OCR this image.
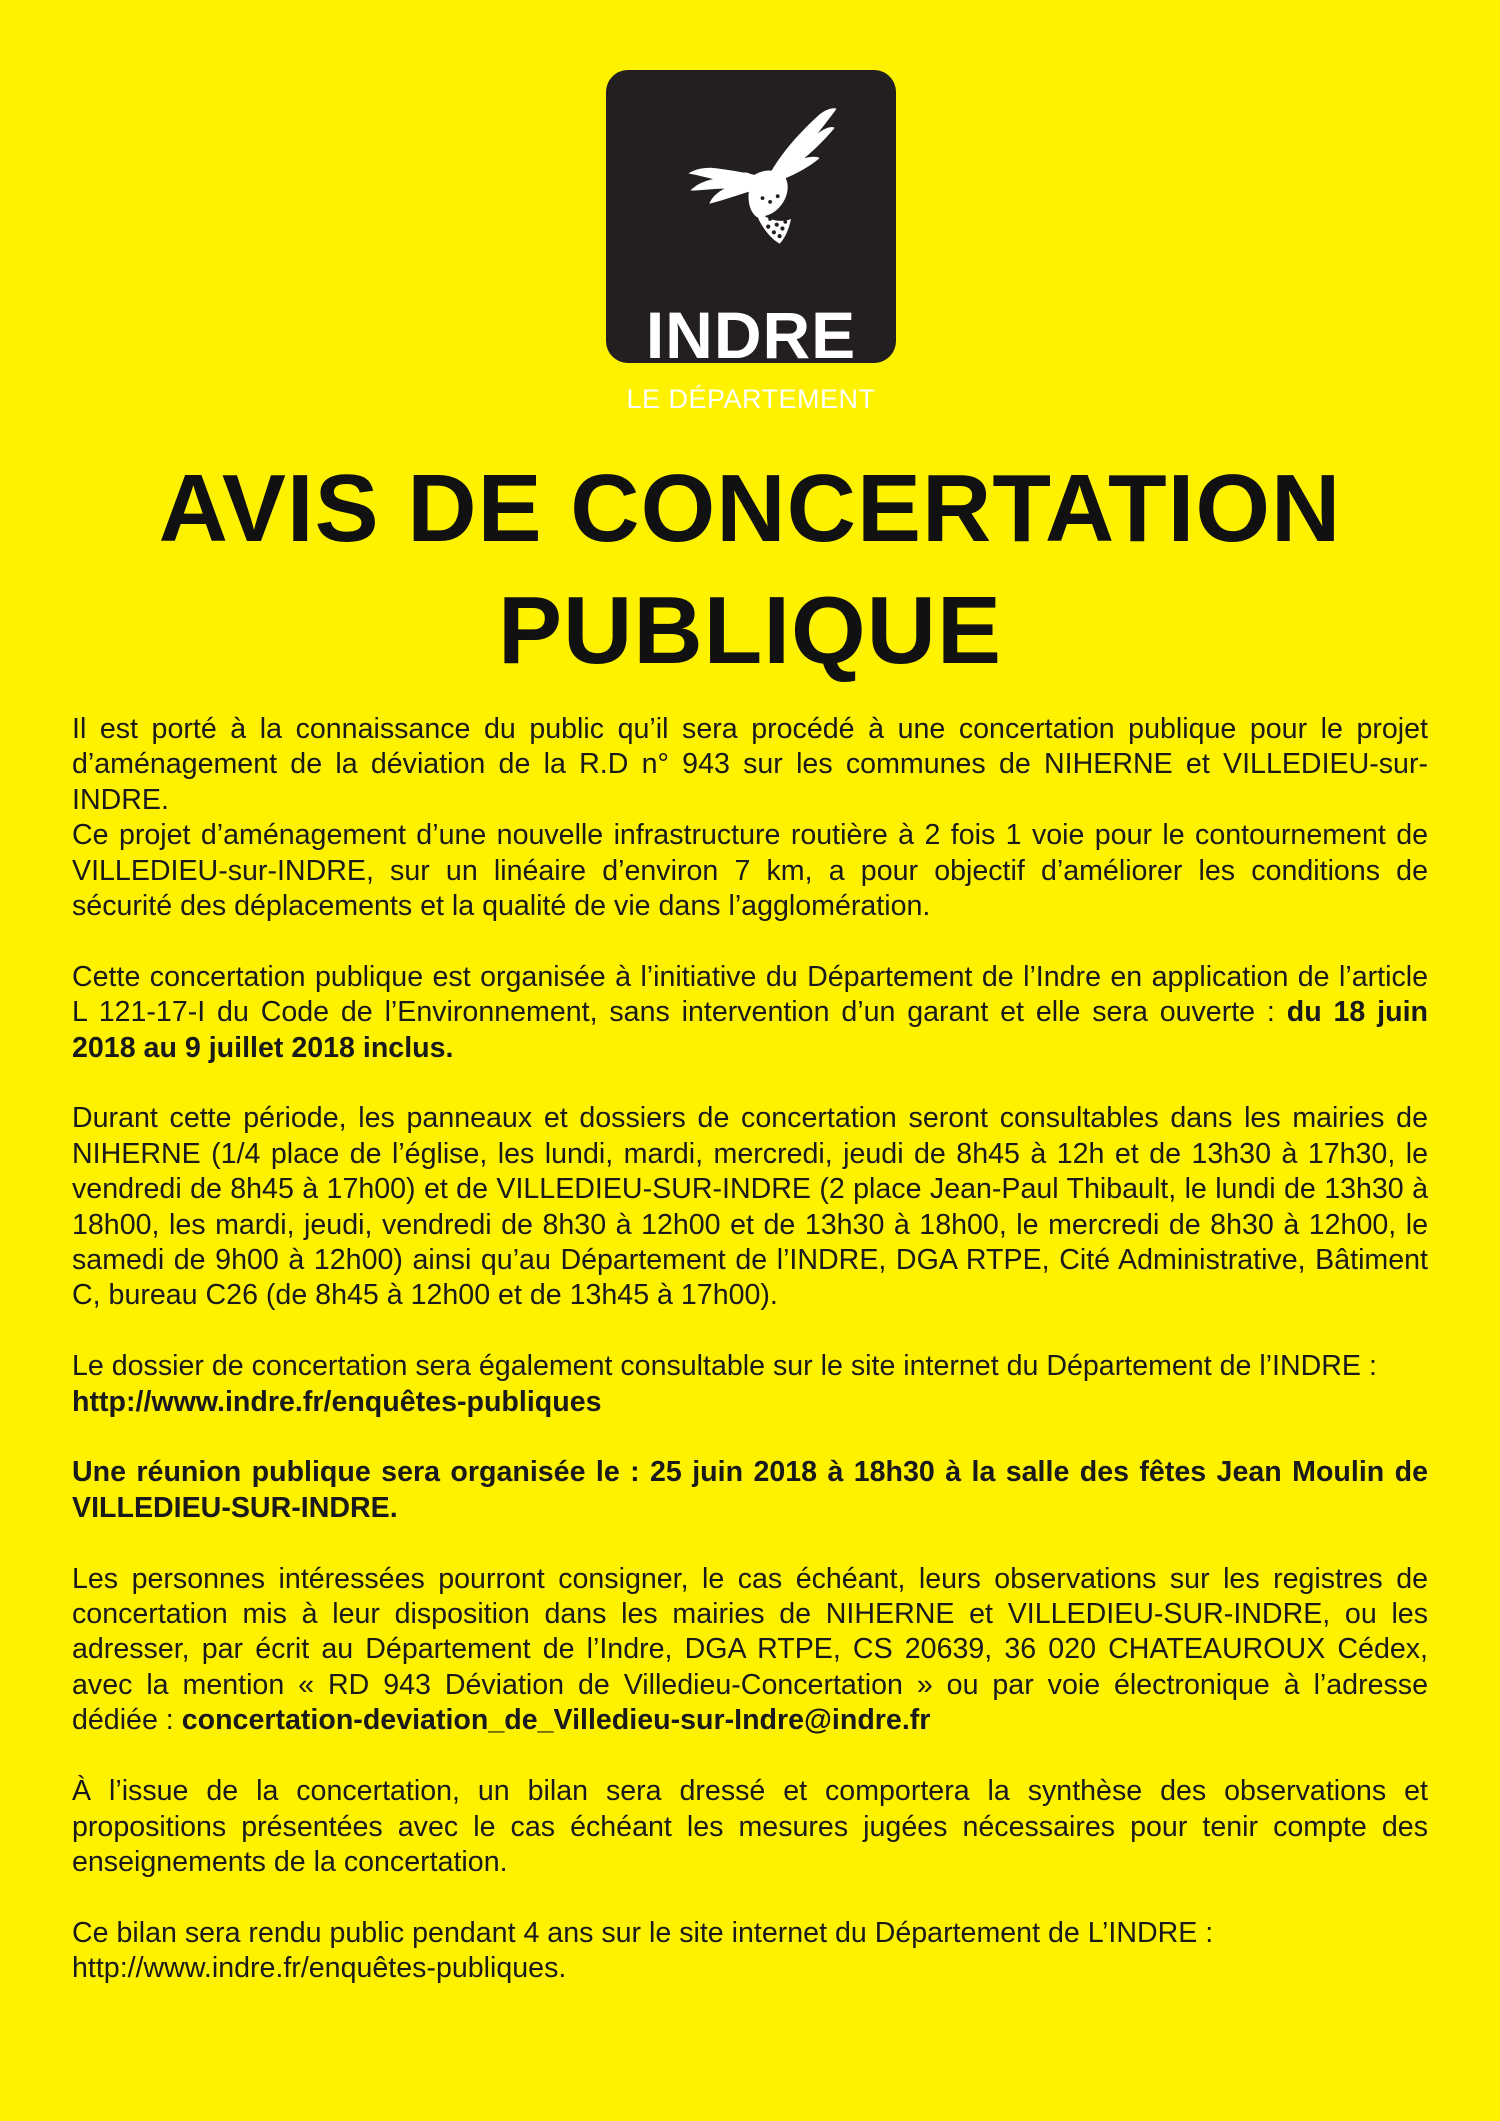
INDRE
LE DÉPARTEMENT
AVIS DE CONCERTATION
PUBLIQUE

Il est porté à la connaissance du public qu’il sera procédé à une concertation publique pour le projet d’aménagement de la déviation de la R.D n° 943 sur les communes de NIHERNE et VILLEDIEU-sur-INDRE.

Ce projet d’aménagement d’une nouvelle infrastructure routière à 2 fois 1 voie pour le contournement de VILLEDIEU-sur-INDRE, sur un linéaire d’environ 7 km, a pour objectif d’améliorer les conditions de sécurité des déplacements et la qualité de vie dans l’agglomération.

Cette concertation publique est organisée à l’initiative du Département de l’Indre en application de l’article L 121-17-I du Code de l’Environnement, sans intervention d’un garant et elle sera ouverte : du 18 juin 2018 au 9 juillet 2018 inclus.

Durant cette période, les panneaux et dossiers de concertation seront consultables dans les mairies de NIHERNE (1/4 place de l’église, les lundi, mardi, mercredi, jeudi de 8h45 à 12h et de 13h30 à 17h30, le vendredi de 8h45 à 17h00) et de VILLEDIEU-SUR-INDRE (2 place Jean-Paul Thibault, le lundi de 13h30 à 18h00, les mardi, jeudi, vendredi de 8h30 à 12h00 et de 13h30 à 18h00, le mercredi de 8h30 à 12h00, le samedi de 9h00 à 12h00) ainsi qu’au Département de l’INDRE, DGA RTPE, Cité Administrative, Bâtiment C, bureau C26 (de 8h45 à 12h00 et de 13h45 à 17h00).

Le dossier de concertation sera également consultable sur le site internet du Département de l’INDRE :
http://www.indre.fr/enquêtes-publiques

Une réunion publique sera organisée le : 25 juin 2018 à 18h30 à la salle des fêtes Jean Moulin de VILLEDIEU-SUR-INDRE.

Les personnes intéressées pourront consigner, le cas échéant, leurs observations sur les registres de concertation mis à leur disposition dans les mairies de NIHERNE et VILLEDIEU-SUR-INDRE, ou les adresser, par écrit au Département de l’Indre, DGA RTPE, CS 20639, 36 020 CHATEAUROUX Cédex, avec la mention « RD 943 Déviation de Villedieu-Concertation » ou par voie électronique à l’adresse dédiée : concertation-deviation_de_Villedieu-sur-Indre@indre.fr

À l’issue de la concertation, un bilan sera dressé et comportera la synthèse des observations et propositions présentées avec le cas échéant les mesures jugées nécessaires pour tenir compte des enseignements de la concertation.

Ce bilan sera rendu public pendant 4 ans sur le site internet du Département de L’INDRE :
http://www.indre.fr/enquêtes-publiques.
